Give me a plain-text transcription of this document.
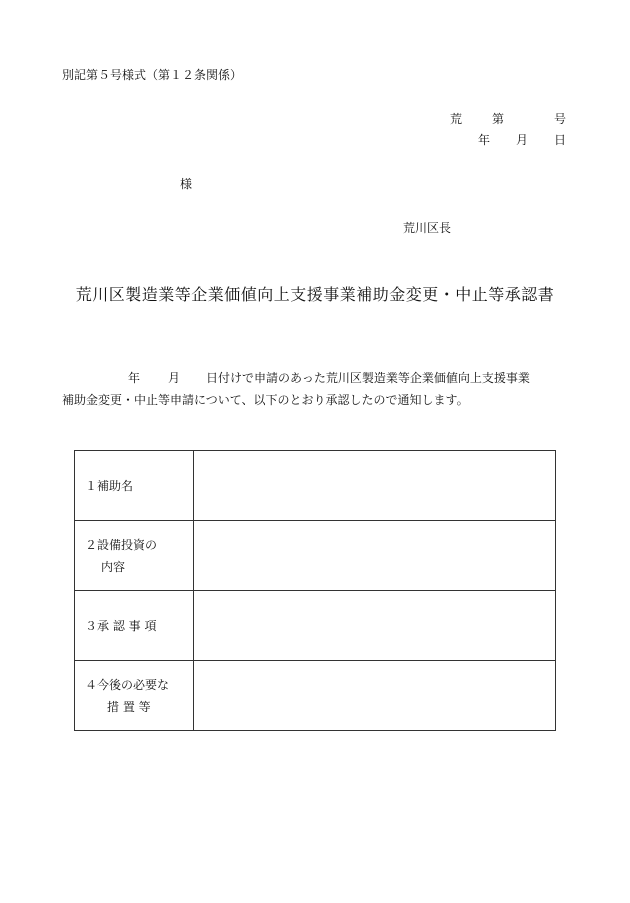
別記第５号様式（第１２条関係）
荒	第	号
年 月 日
様
荒川区長
荒川区製造業等企業価値向上支援事業補助金変更・中止等承認書
年 月 日付けで申請のあった荒川区製造業等企業価値向上支援事業
補助金変更・中止等申請について、以下のとおり承認したので通知します。
１補助名	

２設備投資の
内容	

３承 認 事 項	

４今後の必要な
措 置 等	
